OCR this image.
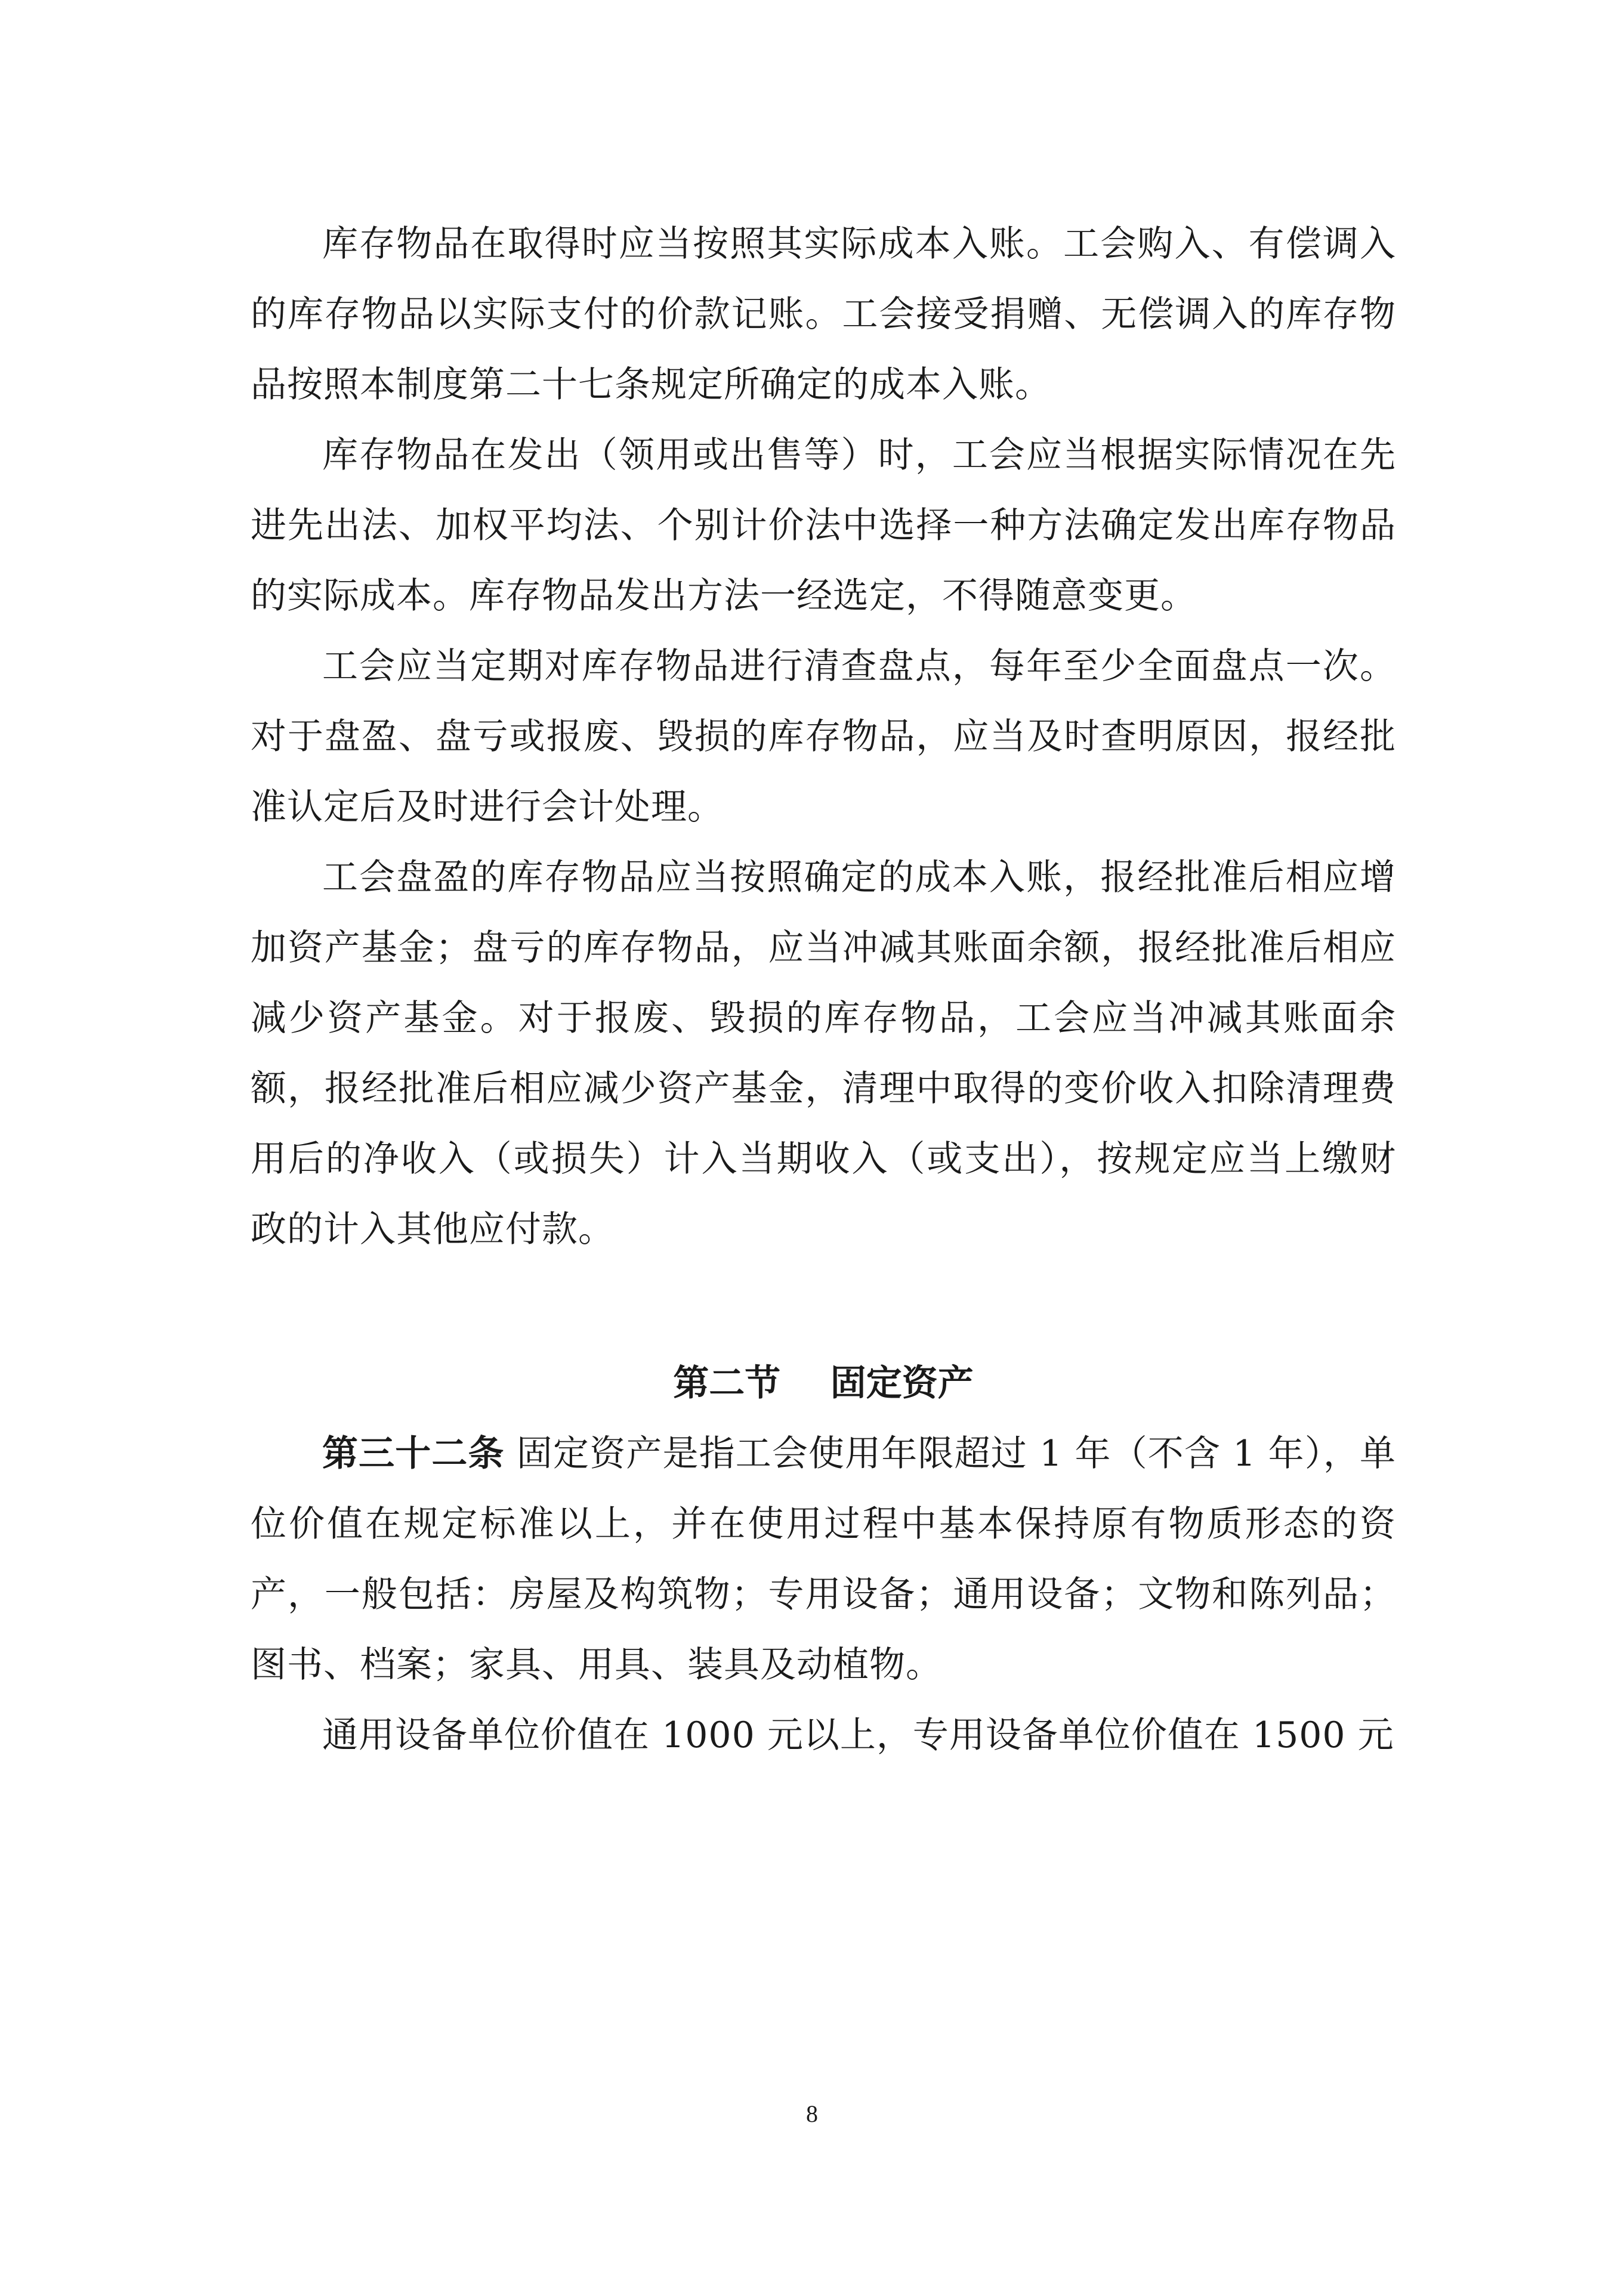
库存物品在取得时应当按照其实际成本入账。工会购入、有偿调入的库存物品以实际支付的价款记账。工会接受捐赠、无偿调入的库存物品按照本制度第二十七条规定所确定的成本入账。

库存物品在发出（领用或出售等）时，工会应当根据实际情况在先进先出法、加权平均法、个别计价法中选择一种方法确定发出库存物品的实际成本。库存物品发出方法一经选定，不得随意变更。

工会应当定期对库存物品进行清查盘点，每年至少全面盘点一次。对于盘盈、盘亏或报废、毁损的库存物品，应当及时查明原因，报经批准认定后及时进行会计处理。

工会盘盈的库存物品应当按照确定的成本入账，报经批准后相应增加资产基金；盘亏的库存物品，应当冲减其账面余额，报经批准后相应减少资产基金。对于报废、毁损的库存物品，工会应当冲减其账面余额，报经批准后相应减少资产基金，清理中取得的变价收入扣除清理费用后的净收入（或损失）计入当期收入（或支出），按规定应当上缴财政的计入其他应付款。

第二节    固定资产

第三十二条 固定资产是指工会使用年限超过 1 年（不含 1 年），单位价值在规定标准以上，并在使用过程中基本保持原有物质形态的资产，一般包括：房屋及构筑物；专用设备；通用设备；文物和陈列品；图书、档案；家具、用具、装具及动植物。

通用设备单位价值在 1000 元以上，专用设备单位价值在 1500 元

8
